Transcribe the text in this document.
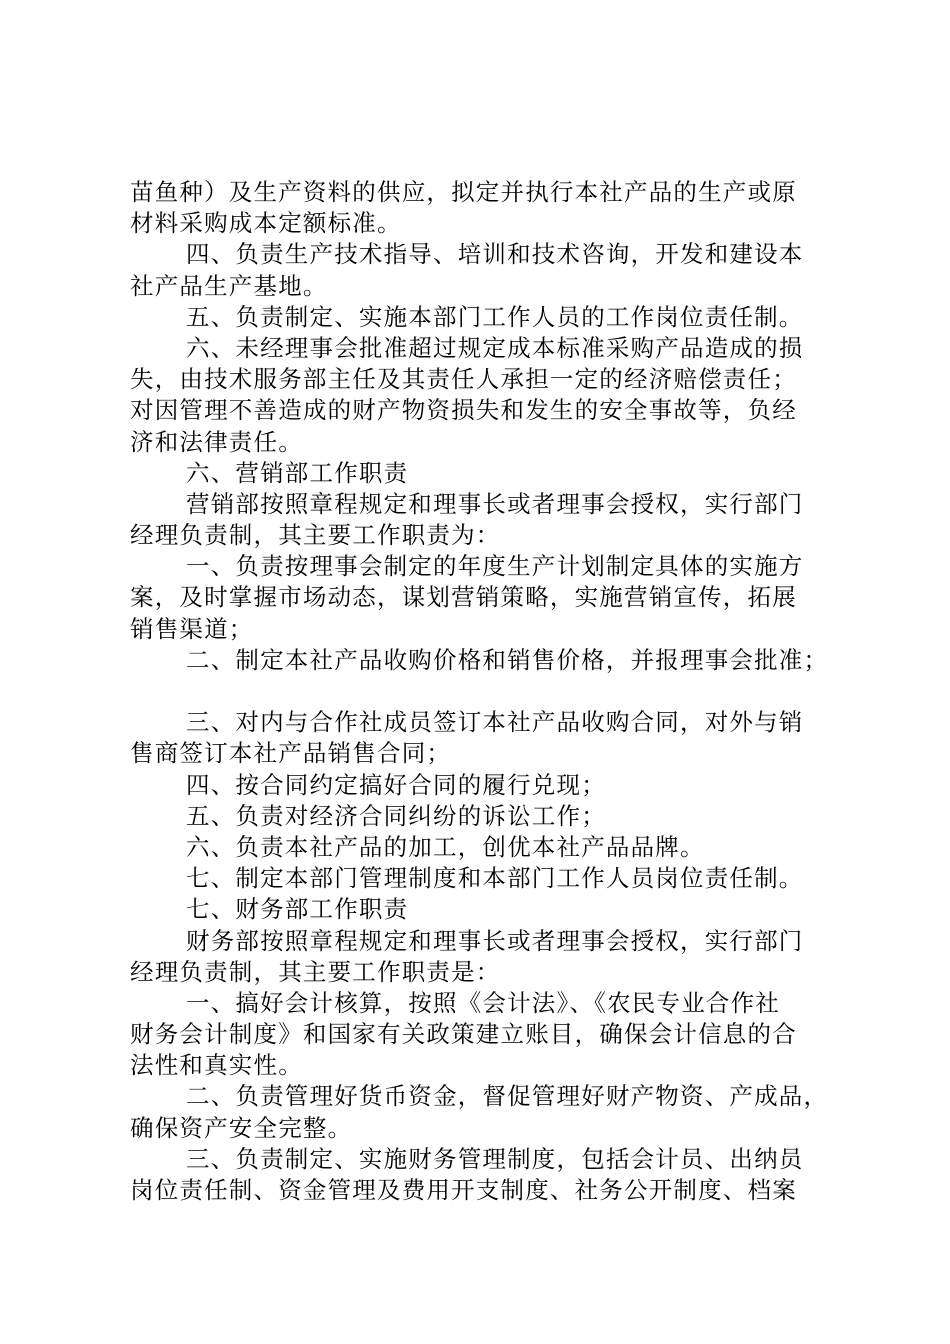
苗鱼种）及生产资料的供应，拟定并执行本社产品的生产或原
材料采购成本定额标准。
四、负责生产技术指导、培训和技术咨询，开发和建设本
社产品生产基地。
五、负责制定、实施本部门工作人员的工作岗位责任制。
六、未经理事会批准超过规定成本标准采购产品造成的损
失，由技术服务部主任及其责任人承担一定的经济赔偿责任；
对因管理不善造成的财产物资损失和发生的安全事故等，负经
济和法律责任。
六、营销部工作职责
营销部按照章程规定和理事长或者理事会授权，实行部门
经理负责制，其主要工作职责为：
一、负责按理事会制定的年度生产计划制定具体的实施方
案，及时掌握市场动态，谋划营销策略，实施营销宣传，拓展
销售渠道；
二、制定本社产品收购价格和销售价格，并报理事会批准；
三、对内与合作社成员签订本社产品收购合同，对外与销
售商签订本社产品销售合同；
四、按合同约定搞好合同的履行兑现；
五、负责对经济合同纠纷的诉讼工作；
六、负责本社产品的加工，创优本社产品品牌。
七、制定本部门管理制度和本部门工作人员岗位责任制。
七、财务部工作职责
财务部按照章程规定和理事长或者理事会授权，实行部门
经理负责制，其主要工作职责是：
一、搞好会计核算，按照《会计法》、《农民专业合作社
财务会计制度》和国家有关政策建立账目，确保会计信息的合
法性和真实性。
二、负责管理好货币资金，督促管理好财产物资、产成品，
确保资产安全完整。
三、负责制定、实施财务管理制度，包括会计员、出纳员
岗位责任制、资金管理及费用开支制度、社务公开制度、档案
